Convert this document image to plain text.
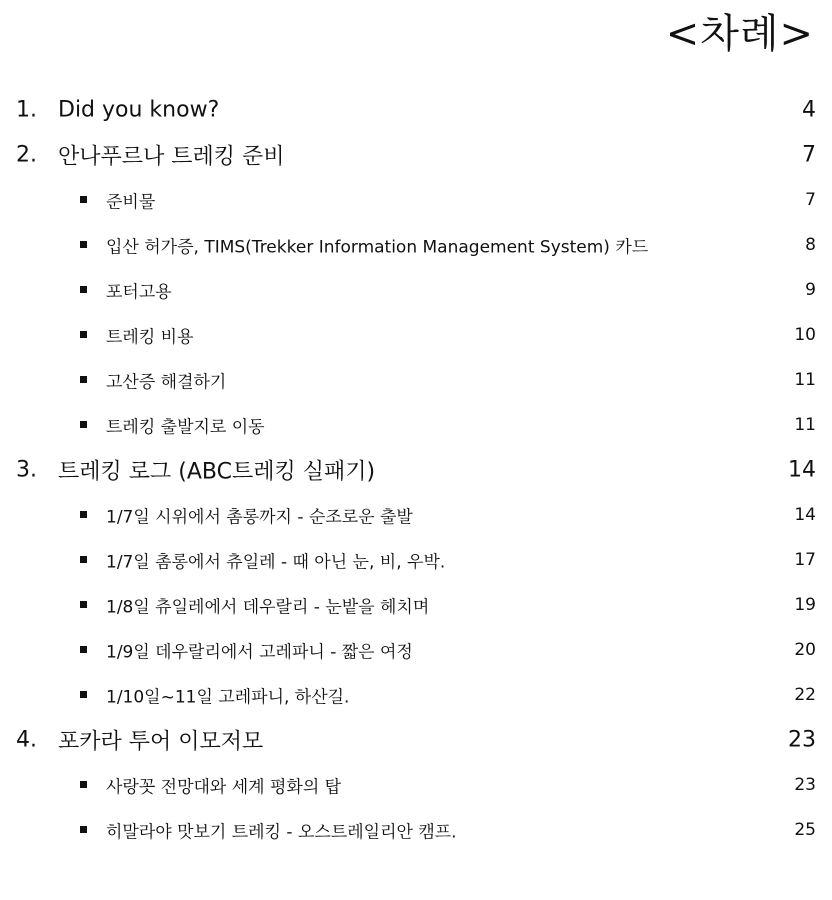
<차례>
1. Did you know?	4
2. 안나푸르나 트레킹 준비	7
준비물	7
입산 허가증, TIMS(Trekker Information Management System) 카드	8
포터고용	9
트레킹 비용	10
고산증 해결하기	11
트레킹 출발지로 이동	11
3. 트레킹 로그 (ABC트레킹 실패기)	14
1/7일 시위에서 촘롱까지 - 순조로운 출발	14
1/7일 촘롱에서 츄일레 - 때 아닌 눈, 비, 우박.	17
1/8일 츄일레에서 데우랄리 - 눈밭을 헤치며	19
1/9일 데우랄리에서 고레파니 - 짧은 여정	20
1/10일~11일 고레파니, 하산길.	22
4. 포카라 투어 이모저모	23
사랑꼿 전망대와 세계 평화의 탑	23
히말라야 맛보기 트레킹 - 오스트레일리안 캠프.	25
